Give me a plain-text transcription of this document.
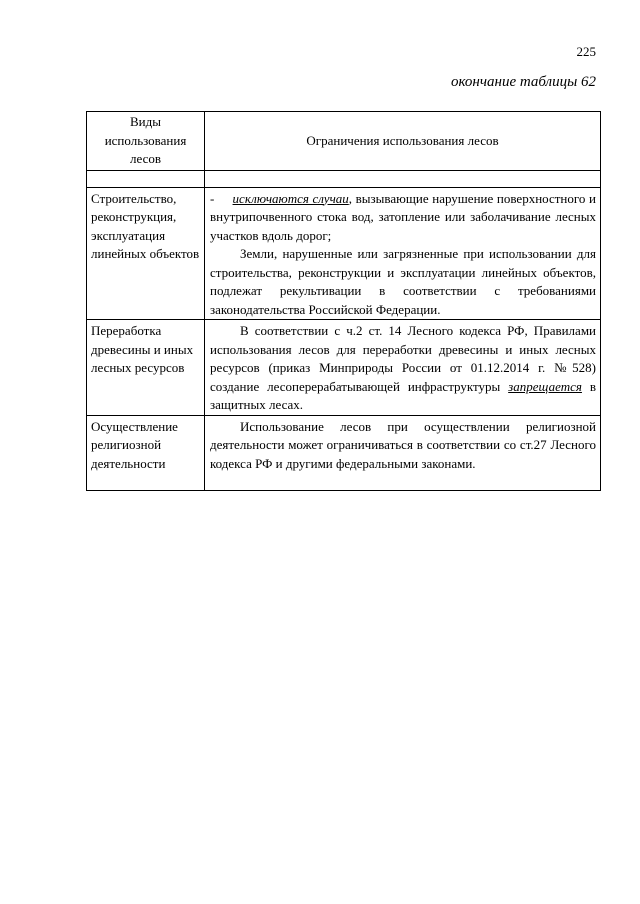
225
окончание таблицы 62
Виды использования лесов	Ограничения использования лесов

Строительство, реконструкция, эксплуатация линейных объектов	- исключаются случаи, вызывающие нарушение поверхностного и внутрипочвенного стока вод, затопление или заболачивание лесных участков вдоль дорог;

Земли, нарушенные или загрязненные при использовании для строительства, реконструкции и эксплуатации линейных объектов, подлежат рекультивации в соответствии с требованиями законодательства Российской Федерации.

Переработка древесины и иных лесных ресурсов	В соответствии с ч.2 ст. 14 Лесного кодекса РФ, Правилами использования лесов для переработки древесины и иных лесных ресурсов (приказ Минприроды России от 01.12.2014 г. №528) создание лесоперерабатывающей инфраструктуры запрещается в защитных лесах.

Осуществление религиозной деятельности	Использование лесов при осуществлении религиозной деятельности может ограничиваться в соответствии со ст.27 Лесного кодекса РФ и другими федеральными законами.
